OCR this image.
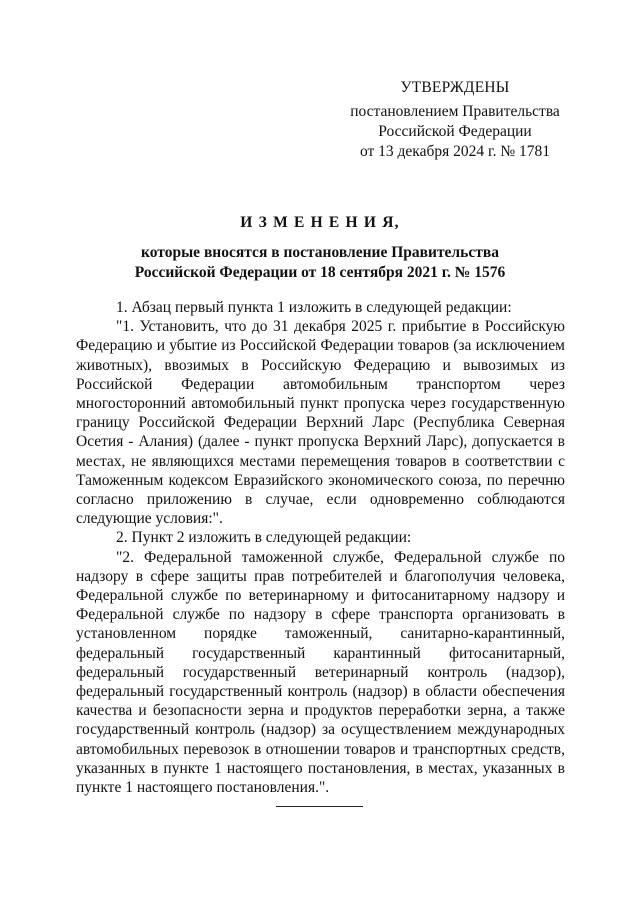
УТВЕРЖДЕНЫ
постановлением Правительства
Российской Федерации
от 13 декабря 2024 г. № 1781
И З М Е Н Е Н И Я,
которые вносятся в постановление Правительства
Российской Федерации от 18 сентября 2021 г. № 1576

1. Абзац первый пункта 1 изложить в следующей редакции:

"1. Установить, что до 31 декабря 2025 г. прибытие в Российскую Федерацию и убытие из Российской Федерации товаров (за исключением животных), ввозимых в Российскую Федерацию и вывозимых из Российской Федерации автомобильным транспортом через многосторонний автомобильный пункт пропуска через государственную границу Российской Федерации Верхний Ларс (Республика Северная Осетия - Алания) (далее - пункт пропуска Верхний Ларс), допускается в местах, не являющихся местами перемещения товаров в соответствии с Таможенным кодексом Евразийского экономического союза, по перечню согласно приложению в случае, если одновременно соблюдаются следующие условия:".

2. Пункт 2 изложить в следующей редакции:

"2. Федеральной таможенной службе, Федеральной службе по надзору в сфере защиты прав потребителей и благополучия человека, Федеральной службе по ветеринарному и фитосанитарному надзору и Федеральной службе по надзору в сфере транспорта организовать в установленном порядке таможенный, санитарно-карантинный, федеральный государственный карантинный фитосанитарный, федеральный государственный ветеринарный контроль (надзор), федеральный государственный контроль (надзор) в области обеспечения качества и безопасности зерна и продуктов переработки зерна, а также государственный контроль (надзор) за осуществлением международных автомобильных перевозок в отношении товаров и транспортных средств, указанных в пункте 1 настоящего постановления, в местах, указанных в пункте 1 настоящего постановления.".
